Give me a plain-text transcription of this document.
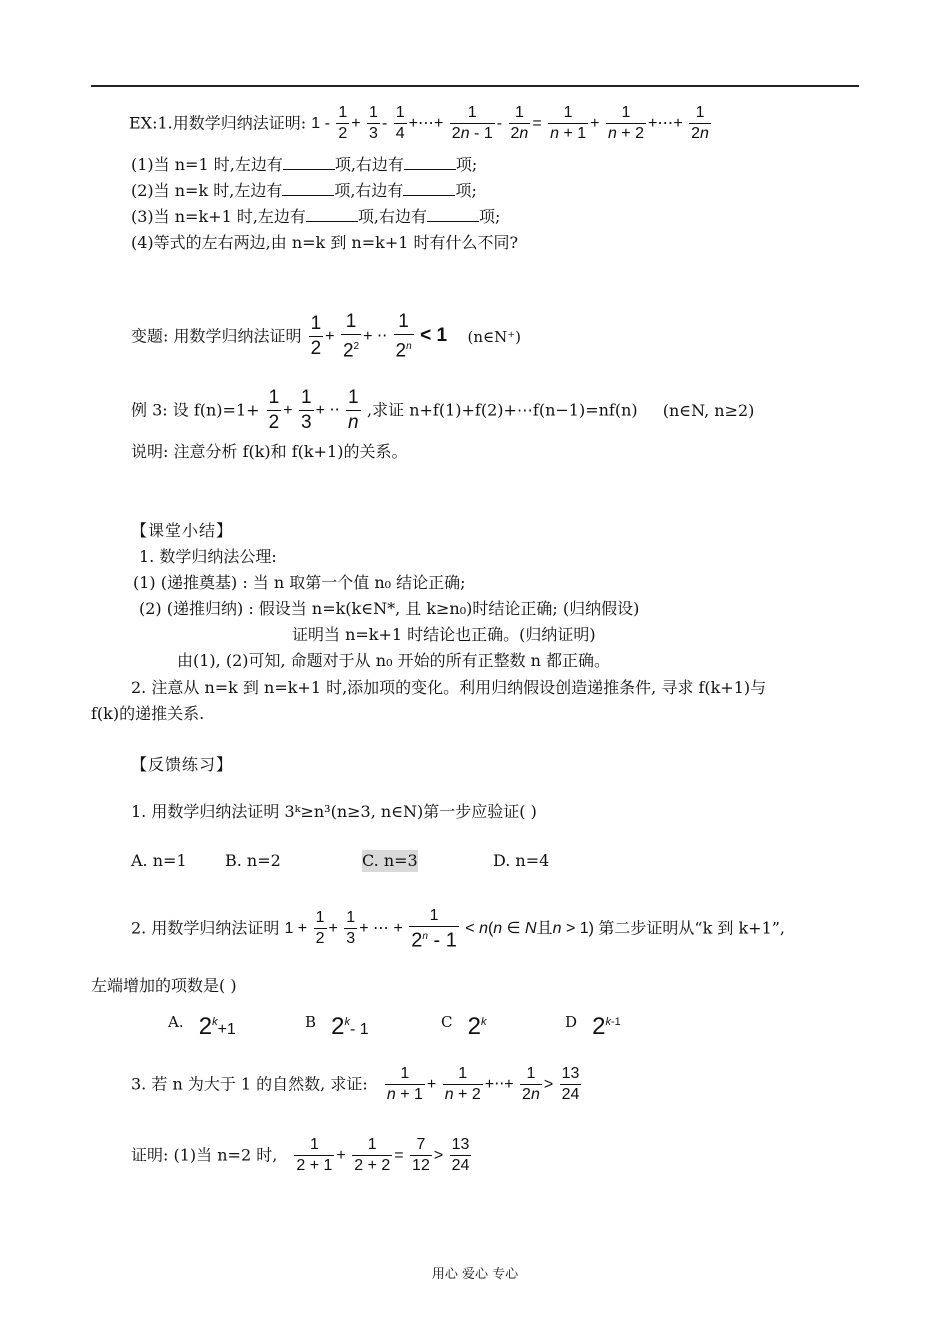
EX:1.用数学归纳法证明: $1 - \frac{1}{2} + \frac{1}{3} - \frac{1}{4}$ +⋯+ $\frac{1}{2n - 1} - \frac{1}{2n} = \frac{1}{n + 1} + \frac{1}{n + 2}$ +⋯+ $\frac{1}{2n}$
(1)当 n=1 时,左边有	项,右边有	项;
(2)当 n=k 时,左边有	项,右边有	项;
(3)当 n=k+1 时,左边有	项,右边有	项;
(4)等式的左右两边,由 n=k 到 n=k+1 时有什么不同?
变题: 用数学归纳法证明 $\frac{1}{2} + \frac{1}{2^2}$ + ⋅⋅ $\frac{1}{2^n} < 1$ (n∈N⁺)
例 3: 设 $f(n)=1+ \frac{1}{2} + \frac{1}{3}$ + ⋅⋅ $\frac{1}{n}$ ,求证 n+f(1)+f(2)+⋯f(n−1)=nf(n) (n∈N, n≥2)
说明: 注意分析 f(k)和 f(k+1)的关系。
【课堂小结】
1. 数学归纳法公理:
(1) (递推奠基) : 当 n 取第一个值 n₀ 结论正确;
(2) (递推归纳) : 假设当 n=k(k∈N*, 且 k≥n₀)时结论正确; (归纳假设)
证明当 n=k+1 时结论也正确。(归纳证明)
由(1), (2)可知, 命题对于从 n₀ 开始的所有正整数 n 都正确。
2. 注意从 n=k 到 n=k+1 时,添加项的变化。利用归纳假设创造递推条件, 寻求 f(k+1)与
f(k)的递推关系.
【反馈练习】
1. 用数学归纳法证明 3ᵏ≥n³(n≥3, n∈N)第一步应验证( )
A. n=1 B. n=2	C. n=3	D. n=4
2. 用数学归纳法证明 $1 + \frac{1}{2} + \frac{1}{3}$ + ⋯ + $\frac{1}{2^n - 1} < n(n$ ∈ N且n > 1) 第二步证明从“k 到 k+1”,
左端增加的项数是( )
A. $2^k+1$	B 2$^k$- 1	C 2$^k$	D 2$^{k-1}$
3. 若 n 为大于 1 的自然数, 求证: $\frac{1}{n + 1} + \frac{1}{n + 2}$ +⋅⋅+ $\frac{1}{2n} > \frac{13}{24}$
证明: (1)当 n=2 时, $\frac{1}{2 + 1} + \frac{1}{2 + 2} = \frac{7}{12} > \frac{13}{24}$
用心 爱心 专心
